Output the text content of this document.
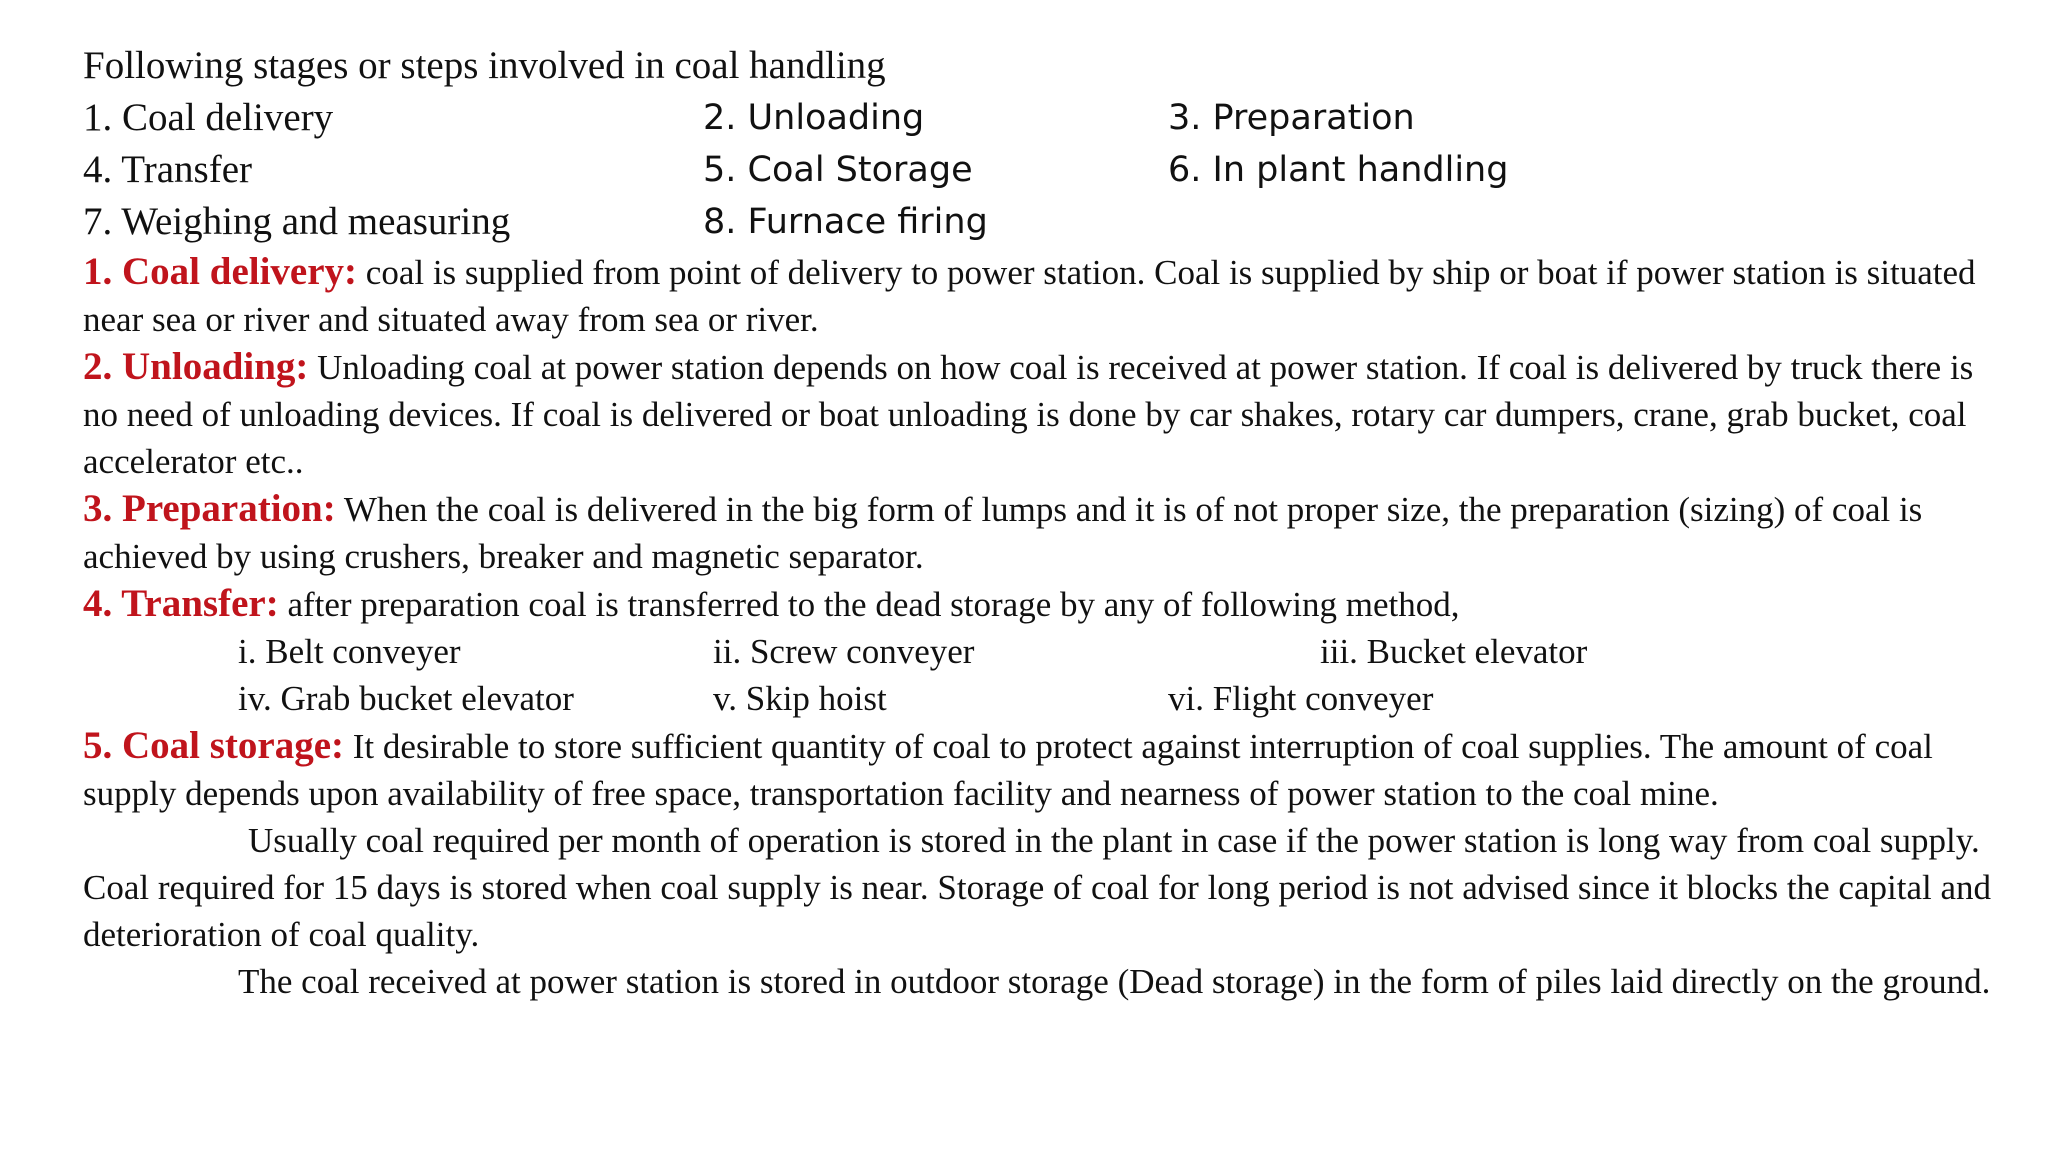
Following stages or steps involved in coal handling
1. Coal delivery	2. Unloading	3. Preparation
4. Transfer	5. Coal Storage	6. In plant handling
7. Weighing and measuring	8. Furnace firing

1. Coal delivery: coal is supplied from point of delivery to power station. Coal is supplied by ship or boat if power station is situated near sea or river and situated away from sea or river.

2. Unloading: Unloading coal at power station depends on how coal is received at power station. If coal is delivered by truck there is no need of unloading devices. If coal is delivered or boat unloading is done by car shakes, rotary car dumpers, crane, grab bucket, coal accelerator etc..

3. Preparation: When the coal is delivered in the big form of lumps and it is of not proper size, the preparation (sizing) of coal is achieved by using crushers, breaker and magnetic separator.

4. Transfer: after preparation coal is transferred to the dead storage by any of following method,

i. Belt conveyer	ii. Screw conveyer	iii. Bucket elevator
iv. Grab bucket elevator	v. Skip hoist	vi. Flight conveyer

5. Coal storage: It desirable to store sufficient quantity of coal to protect against interruption of coal supplies. The amount of coal supply depends upon availability of free space, transportation facility and nearness of power station to the coal mine.

Usually coal required per month of operation is stored in the plant in case if the power station is long way from coal supply. Coal required for 15 days is stored when coal supply is near. Storage of coal for long period is not advised since it blocks the capital and deterioration of coal quality.

The coal received at power station is stored in outdoor storage (Dead storage) in the form of piles laid directly on the ground.
